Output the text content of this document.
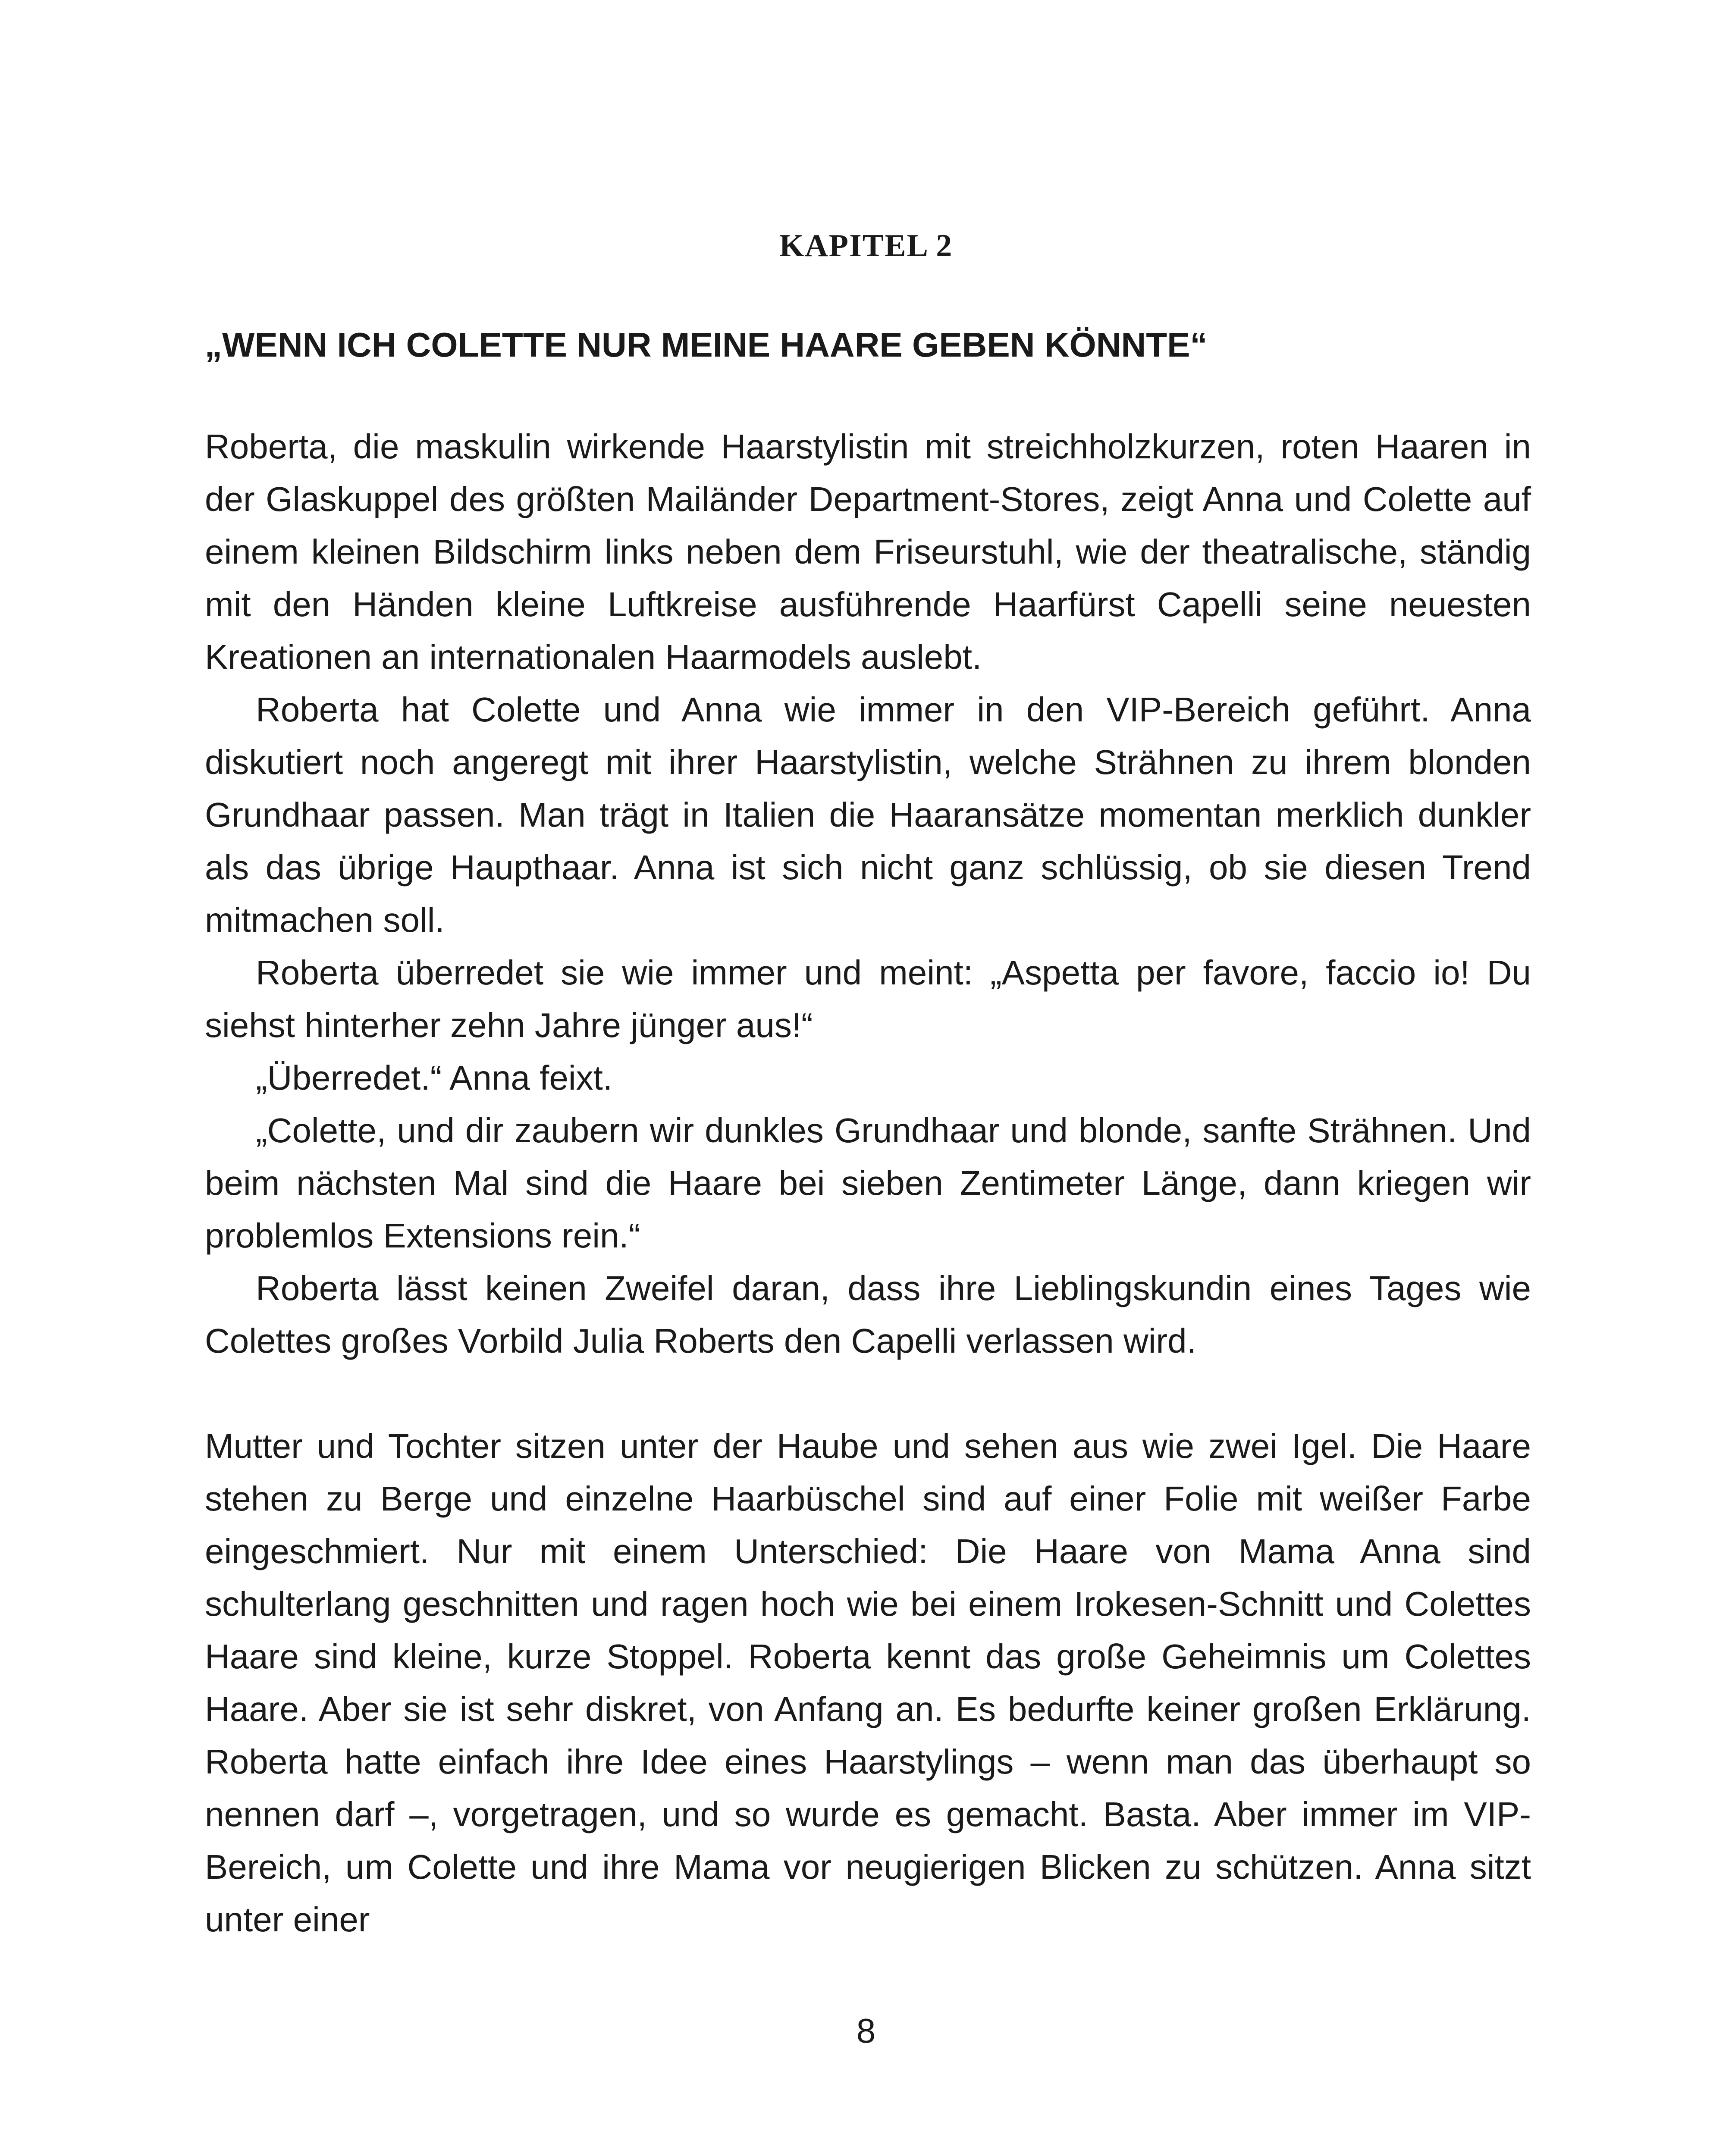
KAPITEL 2
„WENN ICH COLETTE NUR MEINE HAARE GEBEN KÖNNTE“

Roberta, die maskulin wirkende Haarstylistin mit streichholzkurzen, roten Haaren in der Glaskuppel des größten Mailänder Department-Stores, zeigt Anna und Colette auf einem kleinen Bildschirm links neben dem Friseurstuhl, wie der theatralische, ständig mit den Händen kleine Luftkreise ausführende Haarfürst Capelli seine neuesten Kreationen an internationalen Haarmodels auslebt.

Roberta hat Colette und Anna wie immer in den VIP-Bereich geführt. Anna diskutiert noch angeregt mit ihrer Haarstylistin, welche Strähnen zu ihrem blonden Grundhaar passen. Man trägt in Italien die Haaransätze momentan merklich dunkler als das übrige Haupthaar. Anna ist sich nicht ganz schlüssig, ob sie diesen Trend mitmachen soll.

Roberta überredet sie wie immer und meint: „Aspetta per favore, faccio io! Du siehst hinterher zehn Jahre jünger aus!“

„Überredet.“ Anna feixt.

„Colette, und dir zaubern wir dunkles Grundhaar und blonde, sanfte Strähnen. Und beim nächsten Mal sind die Haare bei sieben Zentimeter Länge, dann kriegen wir problemlos Extensions rein.“

Roberta lässt keinen Zweifel daran, dass ihre Lieblingskundin eines Tages wie Colettes großes Vorbild Julia Roberts den Capelli verlassen wird.

Mutter und Tochter sitzen unter der Haube und sehen aus wie zwei Igel. Die Haare stehen zu Berge und einzelne Haarbüschel sind auf einer Folie mit weißer Farbe eingeschmiert. Nur mit einem Unterschied: Die Haare von Mama Anna sind schulterlang geschnitten und ragen hoch wie bei einem Irokesen-Schnitt und Colettes Haare sind kleine, kurze Stoppel. Roberta kennt das große Geheimnis um Colettes Haare. Aber sie ist sehr diskret, von Anfang an. Es bedurfte keiner großen Erklärung. Roberta hatte einfach ihre Idee eines Haarstylings – wenn man das überhaupt so nennen darf –, vorgetragen, und so wurde es gemacht. Basta. Aber immer im VIP-Bereich, um Colette und ihre Mama vor neugierigen Blicken zu schützen. Anna sitzt unter einer

8
